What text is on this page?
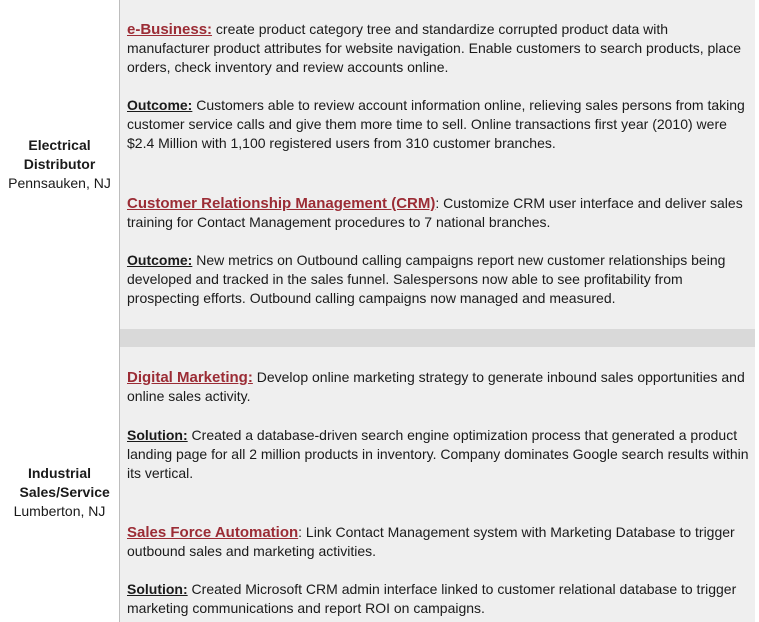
Electrical Distributor
Pennsauken, NJ

e-Business: create product category tree and standardize corrupted product data with manufacturer product attributes for website navigation. Enable customers to search products, place orders, check inventory and review accounts online.

Outcome: Customers able to review account information online, relieving sales persons from taking customer service calls and give them more time to sell. Online transactions first year (2010) were $2.4 Million with 1,100 registered users from 310 customer branches.

Customer Relationship Management (CRM): Customize CRM user interface and deliver sales training for Contact Management procedures to 7 national branches.

Outcome: New metrics on Outbound calling campaigns report new customer relationships being developed and tracked in the sales funnel. Salespersons now able to see profitability from prospecting efforts. Outbound calling campaigns now managed and measured.

Industrial Sales/Service
Lumberton, NJ

Digital Marketing: Develop online marketing strategy to generate inbound sales opportunities and online sales activity.

Solution: Created a database-driven search engine optimization process that generated a product landing page for all 2 million products in inventory. Company dominates Google search results within its vertical.

Sales Force Automation: Link Contact Management system with Marketing Database to trigger outbound sales and marketing activities.

Solution: Created Microsoft CRM admin interface linked to customer relational database to trigger marketing communications and report ROI on campaigns.
